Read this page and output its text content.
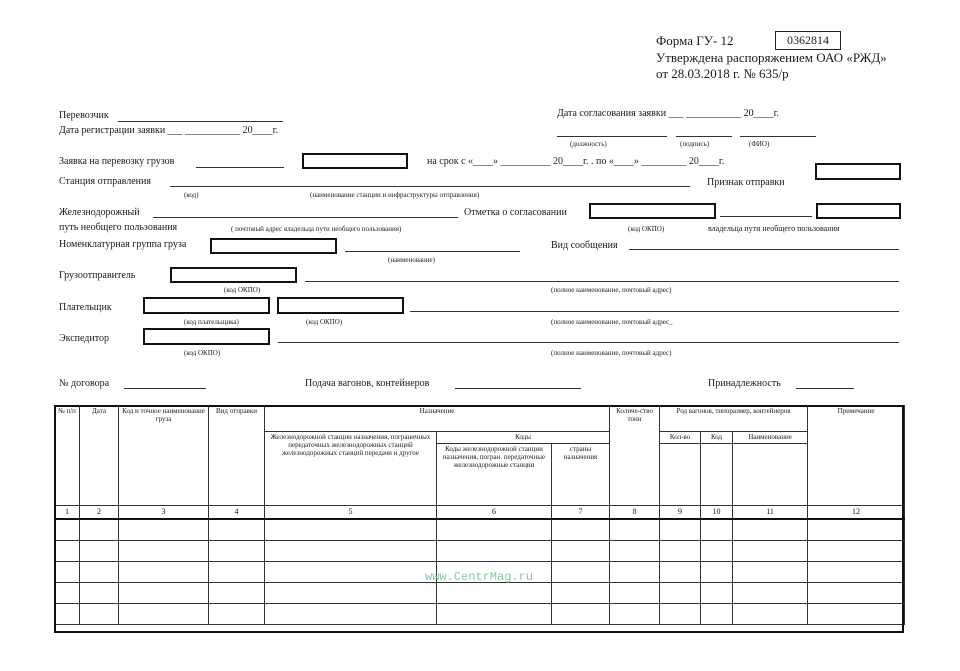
Форма ГУ- 12	0362814
Утверждена распоряжением ОАО «РЖД»
от 28.03.2018 г. № 635/р
Перевозчик	Дата согласования заявки ___ ___________ 20____г.
(должность)	(подпись)	(ФИО)
Дата регистрации заявки ___ ___________ 20____г.
Заявка на перевозку грузов	на срок с «____» __________ 20____г. . по «____» _________ 20____г.
Станция отправления	Признак отправки
(код)	(наименование станции и инфраструктуры отправления)
Железнодорожный	Отметка о согласовании
путь необщего пользования	( почтовый адрес владельца пути необщего пользования)	(код ОКПО)	владельца пути необщего пользования
Номенклатурная группа груза	Вид сообщения
(наименование)
Грузоотправитель
(код ОКПО)	(полное наименование, почтовый адрес)
Плательщик
(код плательщика)	(код ОКПО)	(полное наименование, почтовый адрес_
Экспедитор
(код ОКПО)	(полное наименование, почтовый адрес)
№ договора	Подача вагонов, контейнеров	Принадлежность
№ п/п	Дата	Код и точное наименование груза	Вид отправки	Назначение			Количе-ство тонн	Род вагонов, типоразмер, контейнеров			Примечание
				Железнодорожной станции назначения, пограничных передаточных железнодорожных станций железнодорожных станций передачи и другое	Коды			Кол-во	Код	Наименование	
					Коды железнодорожной станции назначения, погран. передаточные железнодорожные станции	страны назначения					
1	2	3	4	5	6	7	8	9	10	11	12

www.CentrMag.ru
